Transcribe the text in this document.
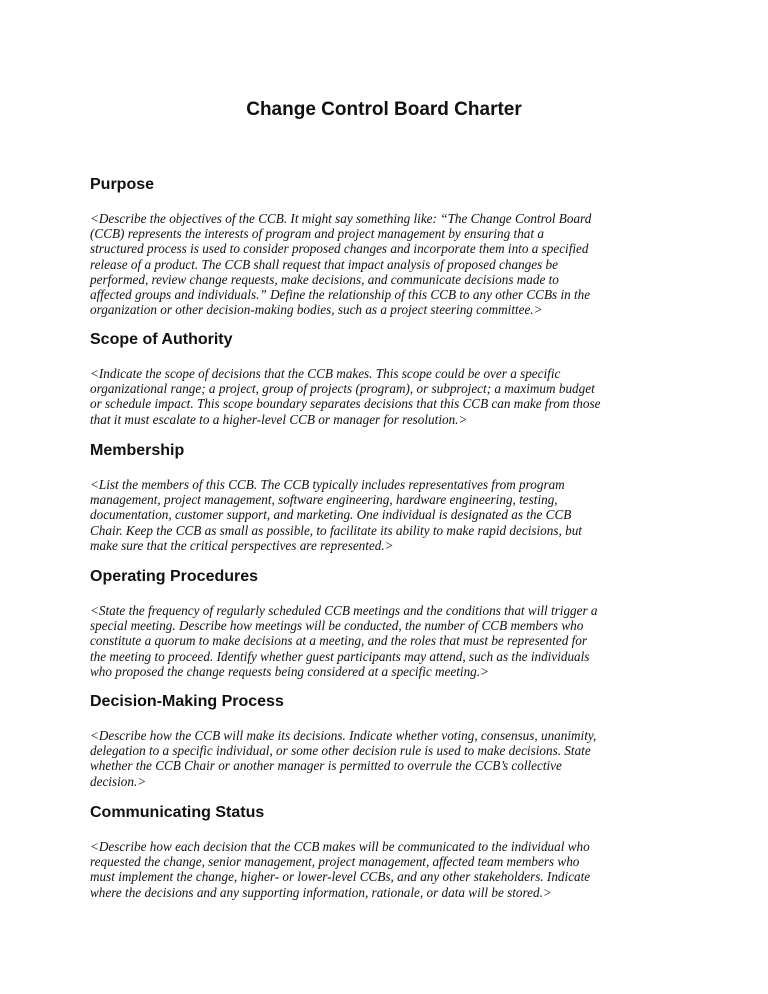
Change Control Board Charter
Purpose

<Describe the objectives of the CCB. It might say something like: “The Change Control Board
(CCB) represents the interests of program and project management by ensuring that a
structured process is used to consider proposed changes and incorporate them into a specified
release of a product. The CCB shall request that impact analysis of proposed changes be
performed, review change requests, make decisions, and communicate decisions made to
affected groups and individuals.” Define the relationship of this CCB to any other CCBs in the
organization or other decision-making bodies, such as a project steering committee.>

Scope of Authority

<Indicate the scope of decisions that the CCB makes. This scope could be over a specific
organizational range; a project, group of projects (program), or subproject; a maximum budget
or schedule impact. This scope boundary separates decisions that this CCB can make from those
that it must escalate to a higher-level CCB or manager for resolution.>

Membership

<List the members of this CCB. The CCB typically includes representatives from program
management, project management, software engineering, hardware engineering, testing,
documentation, customer support, and marketing. One individual is designated as the CCB
Chair. Keep the CCB as small as possible, to facilitate its ability to make rapid decisions, but
make sure that the critical perspectives are represented.>

Operating Procedures

<State the frequency of regularly scheduled CCB meetings and the conditions that will trigger a
special meeting. Describe how meetings will be conducted, the number of CCB members who
constitute a quorum to make decisions at a meeting, and the roles that must be represented for
the meeting to proceed. Identify whether guest participants may attend, such as the individuals
who proposed the change requests being considered at a specific meeting.>

Decision-Making Process

<Describe how the CCB will make its decisions. Indicate whether voting, consensus, unanimity,
delegation to a specific individual, or some other decision rule is used to make decisions. State
whether the CCB Chair or another manager is permitted to overrule the CCB’s collective
decision.>

Communicating Status

<Describe how each decision that the CCB makes will be communicated to the individual who
requested the change, senior management, project management, affected team members who
must implement the change, higher- or lower-level CCBs, and any other stakeholders. Indicate
where the decisions and any supporting information, rationale, or data will be stored.>
